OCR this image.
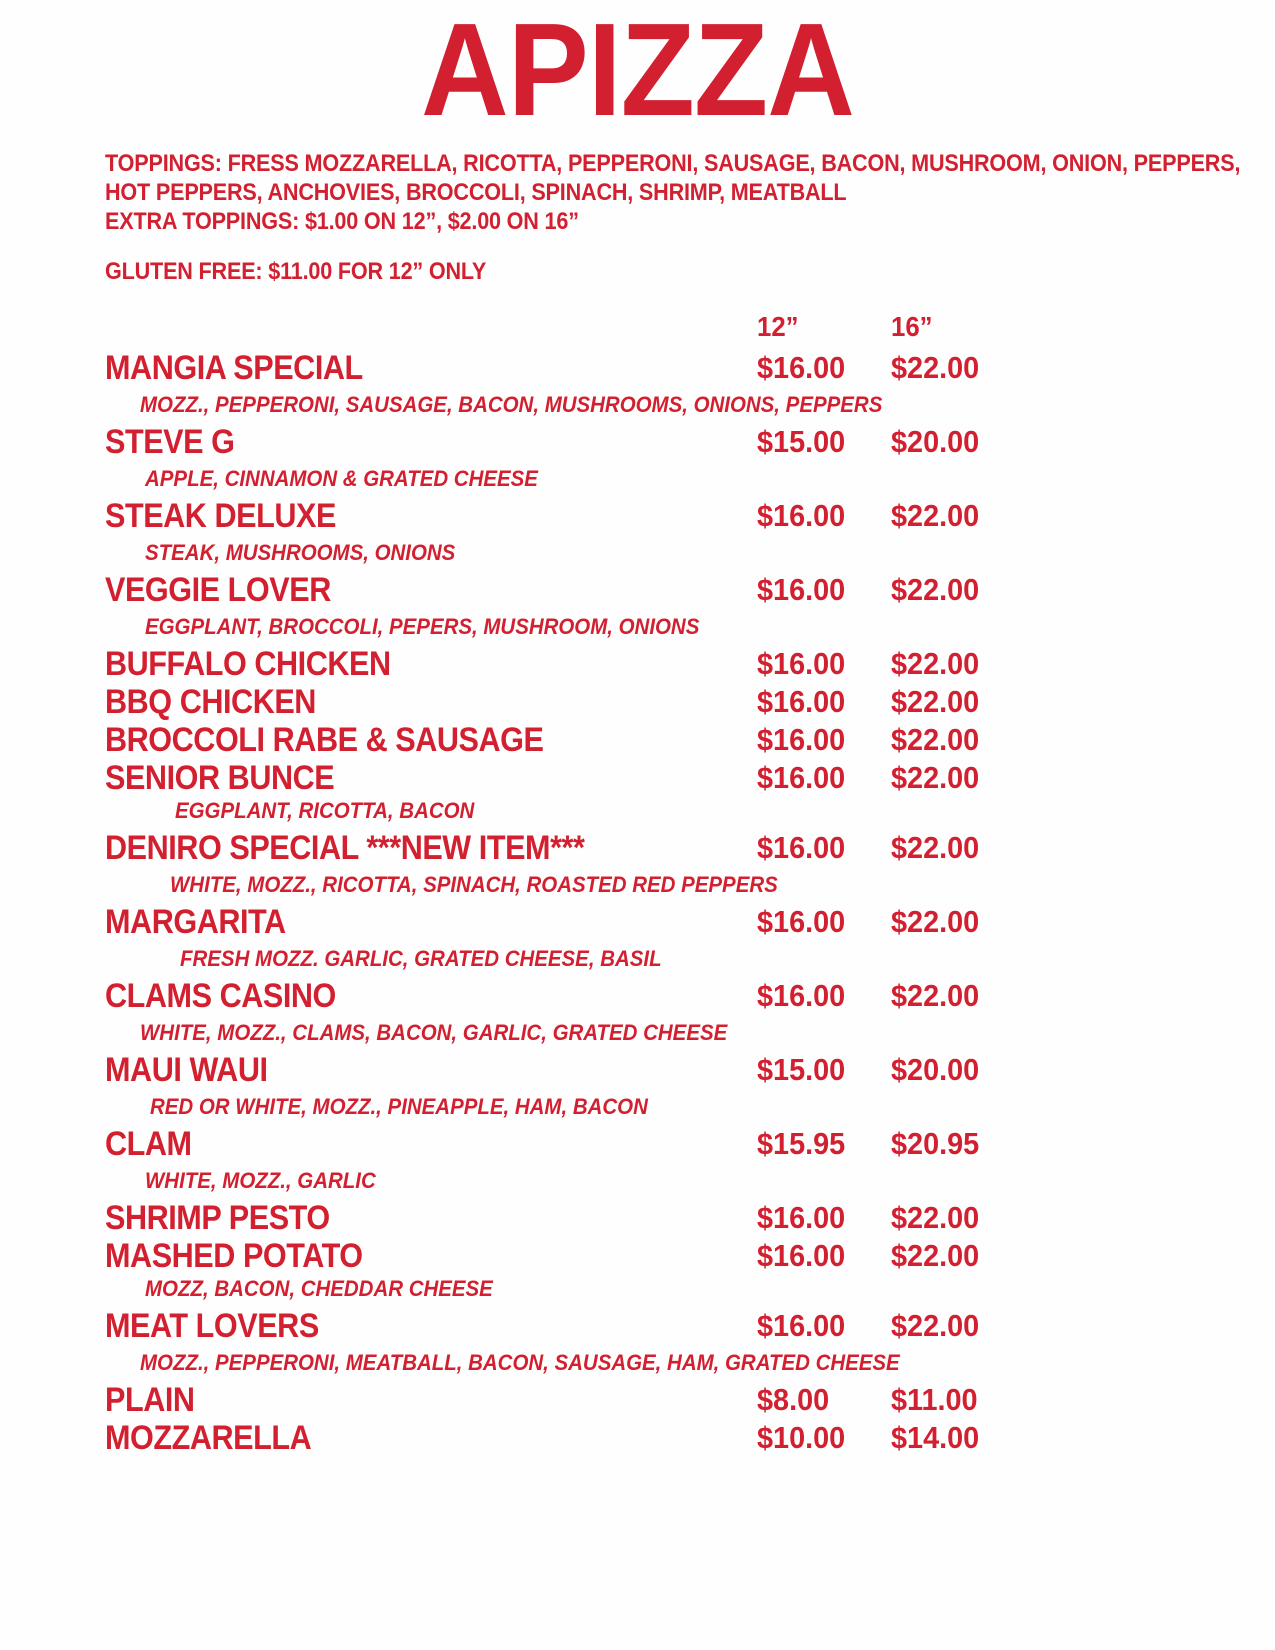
APIZZA

TOPPINGS: FRESS MOZZARELLA, RICOTTA, PEPPERONI, SAUSAGE, BACON, MUSHROOM, ONION, PEPPERS,

HOT PEPPERS, ANCHOVIES, BROCCOLI, SPINACH, SHRIMP, MEATBALL

EXTRA TOPPINGS: $1.00 ON 12”, $2.00 ON 16”

GLUTEN FREE: $11.00 FOR 12” ONLY

12”	16”
MANGIA SPECIAL	$16.00 $22.00
MOZZ., PEPPERONI, SAUSAGE, BACON, MUSHROOMS, ONIONS, PEPPERS
STEVE G	$15.00 $20.00
APPLE, CINNAMON & GRATED CHEESE
STEAK DELUXE	$16.00 $22.00
STEAK, MUSHROOMS, ONIONS
VEGGIE LOVER	$16.00 $22.00
EGGPLANT, BROCCOLI, PEPERS, MUSHROOM, ONIONS
BUFFALO CHICKEN	$16.00 $22.00
BBQ CHICKEN	$16.00 $22.00
BROCCOLI RABE & SAUSAGE	$16.00 $22.00
SENIOR BUNCE	$16.00 $22.00
EGGPLANT, RICOTTA, BACON
DENIRO SPECIAL ***NEW ITEM***	$16.00 $22.00
WHITE, MOZZ., RICOTTA, SPINACH, ROASTED RED PEPPERS
MARGARITA	$16.00 $22.00
FRESH MOZZ. GARLIC, GRATED CHEESE, BASIL
CLAMS CASINO	$16.00 $22.00
WHITE, MOZZ., CLAMS, BACON, GARLIC, GRATED CHEESE
MAUI WAUI	$15.00 $20.00
RED OR WHITE, MOZZ., PINEAPPLE, HAM, BACON
CLAM	$15.95 $20.95
WHITE, MOZZ., GARLIC
SHRIMP PESTO	$16.00 $22.00
MASHED POTATO	$16.00 $22.00
MOZZ, BACON, CHEDDAR CHEESE
MEAT LOVERS	$16.00 $22.00
MOZZ., PEPPERONI, MEATBALL, BACON, SAUSAGE, HAM, GRATED CHEESE
PLAIN	$8.00 $11.00
MOZZARELLA	$10.00 $14.00
